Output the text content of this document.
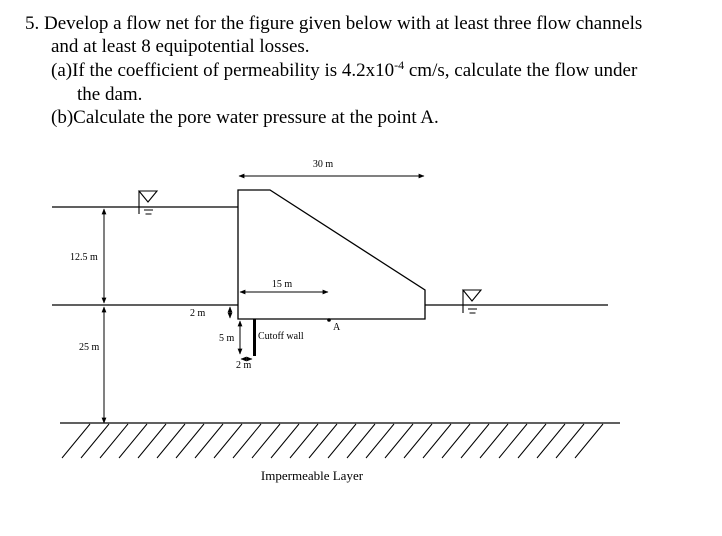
5. Develop a flow net for the figure given below with at least three flow channels
and at least 8 equipotential losses.
(a)If the coefficient of permeability is $4.2x10^{-4}$ cm/s, calculate the flow under
the dam.
(b)Calculate the pore water pressure at the point A.
30 m
12.5 m
25 m
15 m
2 m
5 m
2 m
Cutoff wall
A
Impermeable Layer
